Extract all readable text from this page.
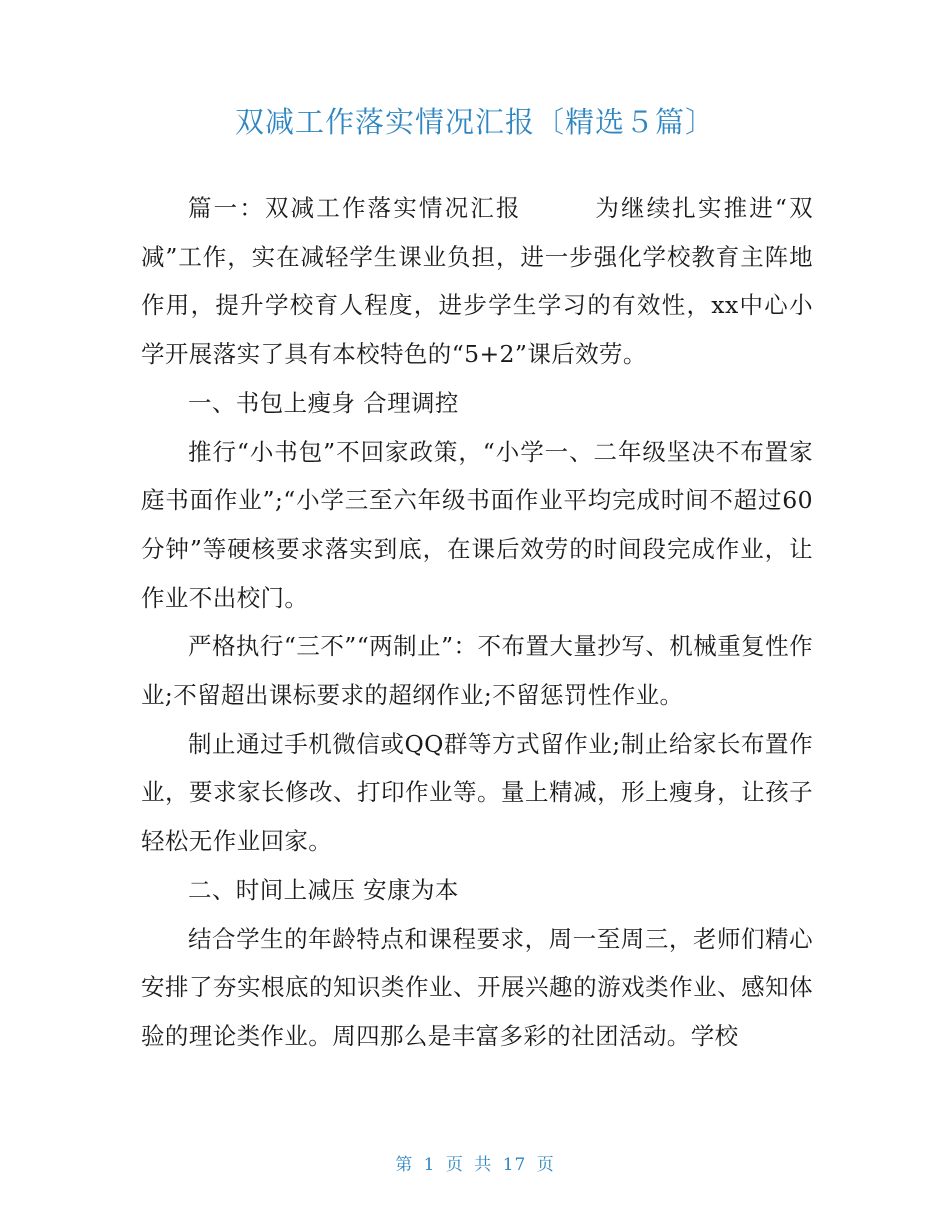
双减工作落实情况汇报〔精选５篇〕

篇一：双减工作落实情况汇报	为继续扎实推进“双减”工作，实在减轻学生课业负担，进一步强化学校教育主阵地作用，提升学校育人程度，进步学生学习的有效性，xx中心小学开展落实了具有本校特色的“5+2”课后效劳。

一、书包上瘦身 合理调控

推行“小书包”不回家政策，“小学一、二年级坚决不布置家庭书面作业”;“小学三至六年级书面作业平均完成时间不超过60分钟”等硬核要求落实到底，在课后效劳的时间段完成作业，让作业不出校门。

严格执行“三不”“两制止”：不布置大量抄写、机械重复性作业;不留超出课标要求的超纲作业;不留惩罚性作业。

制止通过手机微信或QQ群等方式留作业;制止给家长布置作业，要求家长修改、打印作业等。量上精减，形上瘦身，让孩子轻松无作业回家。

二、时间上减压 安康为本

结合学生的年龄特点和课程要求，周一至周三，老师们精心安排了夯实根底的知识类作业、开展兴趣的游戏类作业、感知体验的理论类作业。周四那么是丰富多彩的社团活动。学校

第 1 页 共 17 页
